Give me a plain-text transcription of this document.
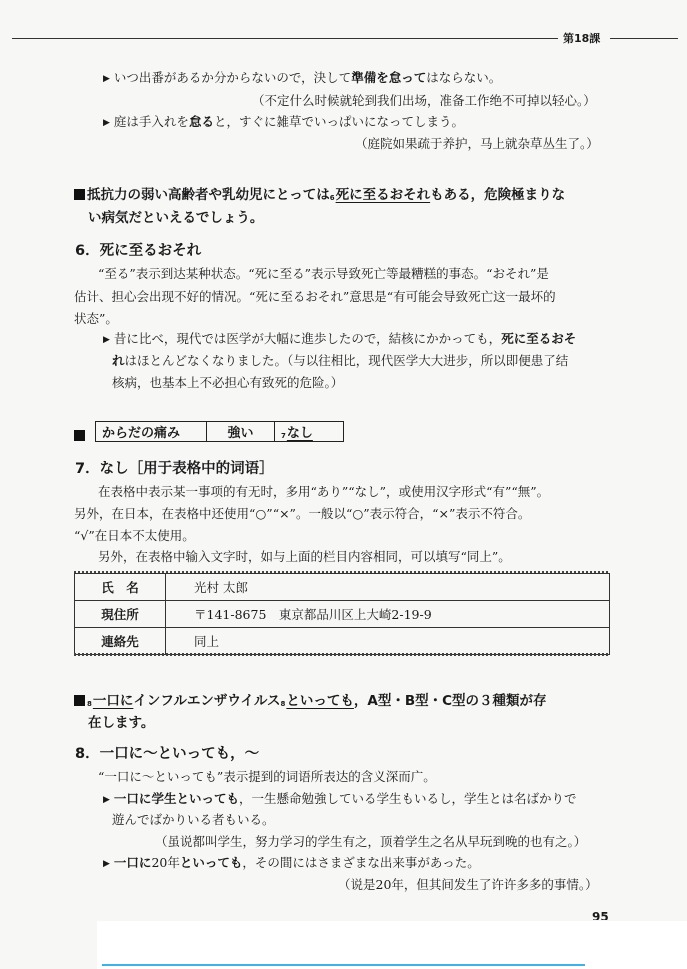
第18課
▶ いつ出番があるか分からないので，決して準備を怠ってはならない。
（不定什么时候就轮到我们出场，准备工作绝不可掉以轻心。）
▶ 庭は手入れを怠ると，すぐに雑草でいっぱいになってしまう。
（庭院如果疏于养护，马上就杂草丛生了。）
抵抗力の弱い高齢者や乳幼児にとっては6死に至るおそれもある，危険極まりな
い病気だといえるでしょう。
6．死に至るおそれ
“至る”表示到达某种状态。“死に至る”表示导致死亡等最糟糕的事态。“おそれ”是
估计、担心会出现不好的情况。“死に至るおそれ”意思是“有可能会导致死亡这一最坏的
状态”。
▶ 昔に比べ，現代では医学が大幅に進歩したので，結核にかかっても，死に至るおそ
れはほとんどなくなりました。（与以往相比，现代医学大大进步，所以即便患了结
核病，也基本上不必担心有致死的危险。）
からだの痛み	強い	7なし
7．なし［用于表格中的词语］
在表格中表示某一事项的有无时，多用“あり”“なし”，或使用汉字形式“有”“無”。
另外，在日本，在表格中还使用“○”“×”。一般以“○”表示符合，“×”表示不符合。
“√”在日本不太使用。
另外，在表格中输入文字时，如与上面的栏目内容相同，可以填写“同上”。
氏　名	光村 太郎
現住所	〒141-8675　東京都品川区上大崎2-19-9
連絡先	同上
8一口にインフルエンザウイルス8といっても，A型・B型・C型の３種類が存
在します。
8．一口に〜といっても，〜
“一口に〜といっても”表示提到的词语所表达的含义深而广。
▶ 一口に学生といっても，一生懸命勉強している学生もいるし，学生とは名ばかりで
遊んでばかりいる者もいる。
（虽说都叫学生，努力学习的学生有之，顶着学生之名从早玩到晚的也有之。）
▶ 一口に20年といっても，その間にはさまざまな出来事があった。
（说是20年，但其间发生了许许多多的事情。）
95
